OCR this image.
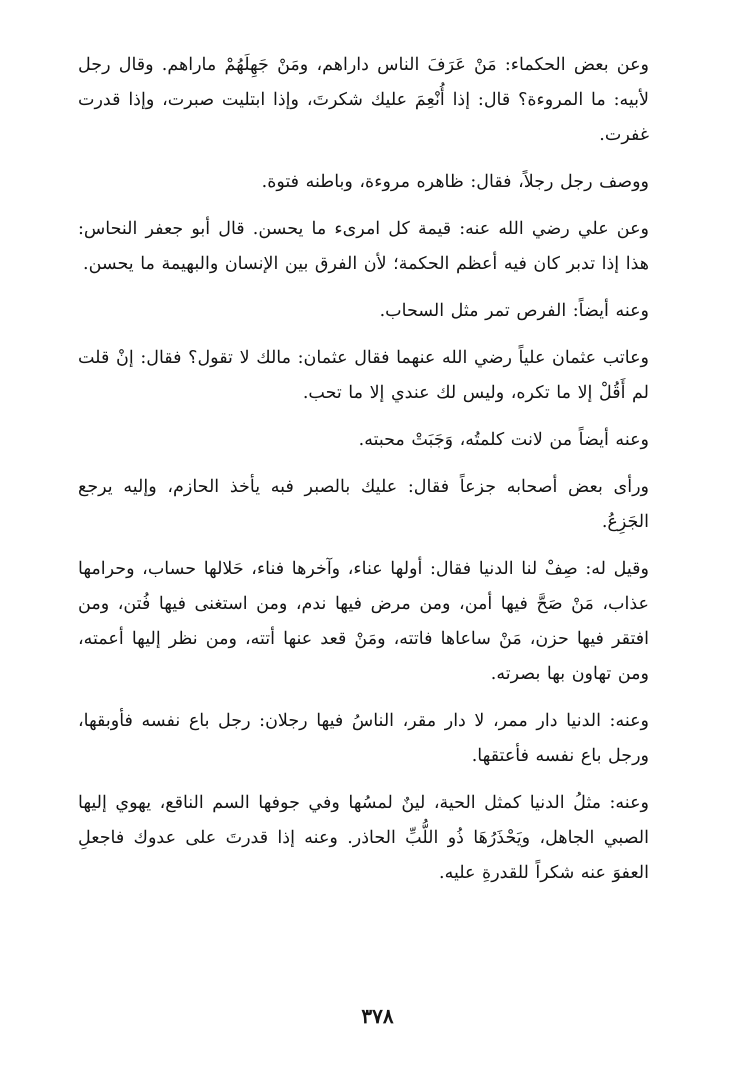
وعن بعض الحكماء: مَنْ عَرَفَ الناس داراهم، ومَنْ جَهِلَهُمْ ماراهم. وقال رجل لأبيه: ما المروءة؟ قال: إذا أُنْعِمَ عليك شكرتَ، وإذا ابتليت صبرت، وإذا قدرت غفرت.

ووصف رجل رجلاً، فقال: ظاهره مروءة، وباطنه فتوة.

وعن علي رضي الله عنه: قيمة كل امرىء ما يحسن. قال أبو جعفر النحاس: هذا إذا تدبر كان فيه أعظم الحكمة؛ لأن الفرق بين الإنسان والبهيمة ما يحسن.

وعنه أيضاً: الفرص تمر مثل السحاب.

وعاتب عثمان علياً رضي الله عنهما فقال عثمان: مالك لا تقول؟ فقال: إنْ قلت لم أَقُلْ إلا ما تكره، وليس لك عندي إلا ما تحب.

وعنه أيضاً من لانت كلمتُه، وَجَبَتْ محبته.

ورأى بعض أصحابه جزعاً فقال: عليك بالصبر فبه يأخذ الحازم، وإليه يرجع الجَزِعُ.

وقيل له: صِفْ لنا الدنيا فقال: أولها عناء، وآخرها فناء، حَلالها حساب، وحرامها عذاب، مَنْ صَحَّ فيها أمن، ومن مرض فيها ندم، ومن استغنى فيها فُتن، ومن افتقر فيها حزن، مَنْ ساعاها فاتته، ومَنْ قعد عنها أتته، ومن نظر إليها أعمته، ومن تهاون بها بصرته.

وعنه: الدنيا دار ممر، لا دار مقر، الناسُ فيها رجلان: رجل باع نفسه فأوبقها، ورجل باع نفسه فأعتقها.

وعنه: مثلُ الدنيا كمثل الحية، لينٌ لمسُها وفي جوفها السم الناقع، يهوي إليها الصبي الجاهل، ويَحْذَرُهَا ذُو اللُّبِّ الحاذر. وعنه إذا قدرتَ على عدوك فاجعلِ العفوَ عنه شكراً للقدرةِ عليه.

٣٧٨
